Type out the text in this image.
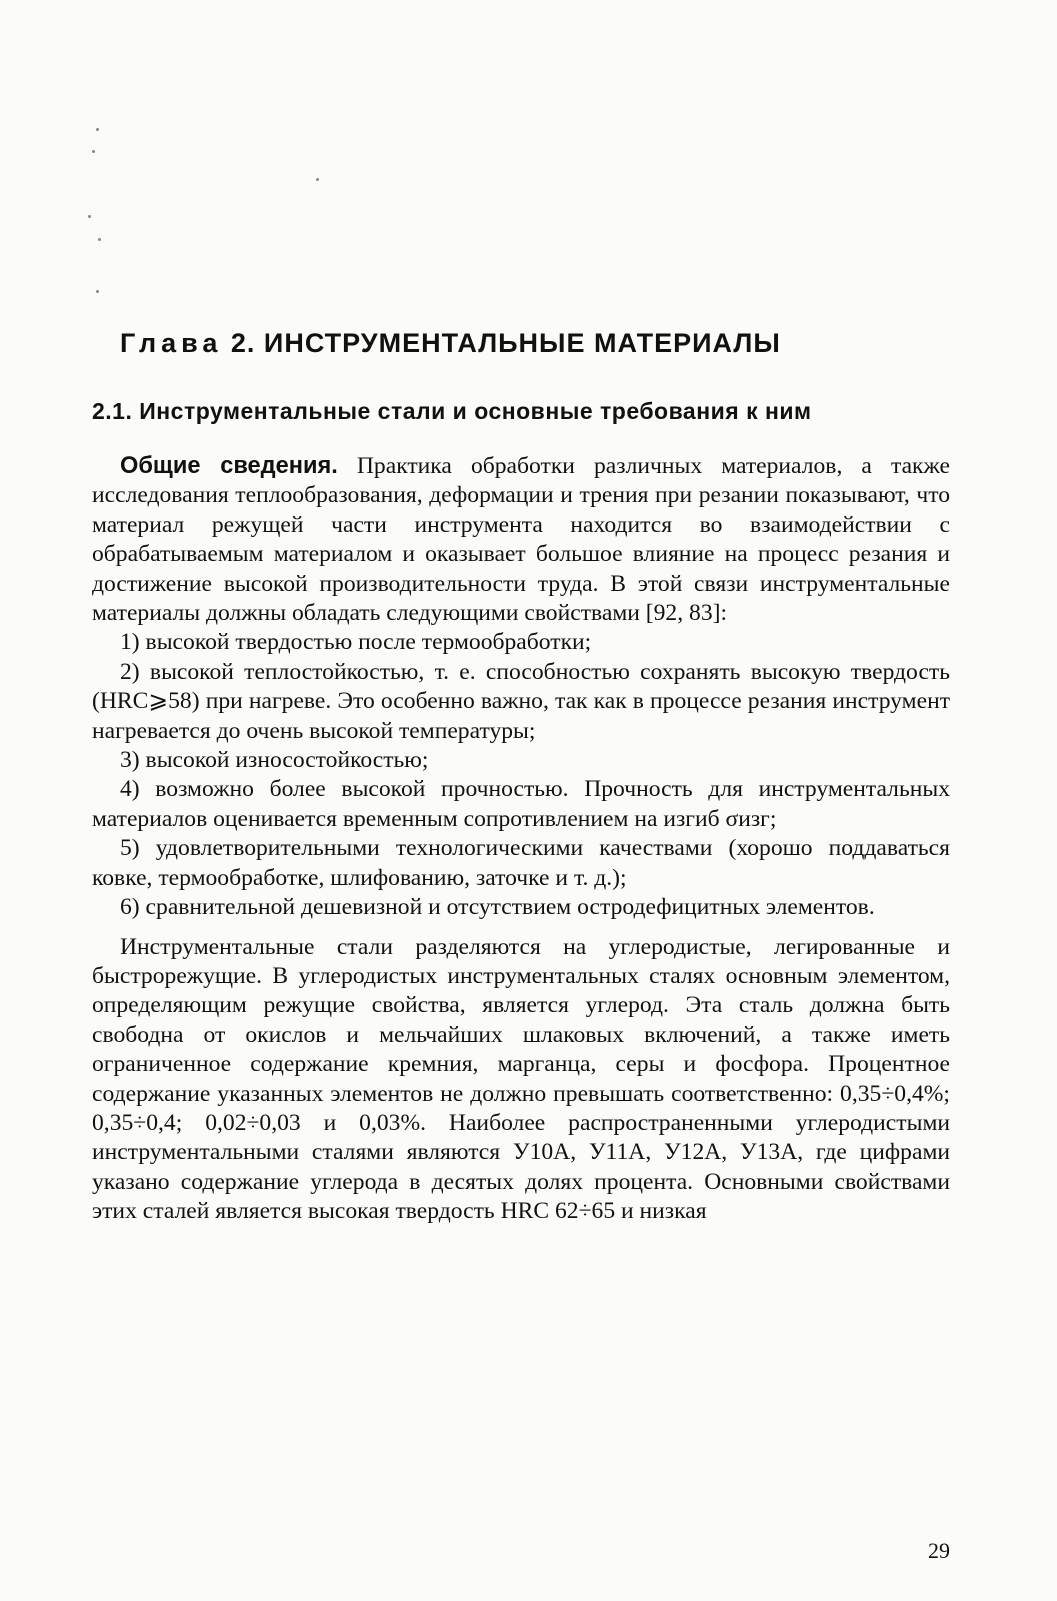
Глава 2. ИНСТРУМЕНТАЛЬНЫЕ МАТЕРИАЛЫ
2.1. Инструментальные стали и основные требования к ним

Общие сведения. Практика обработки различных материалов, а также исследования теплообразования, деформации и трения при резании показывают, что материал режущей части инструмента находится во взаимодействии с обрабатываемым материалом и оказывает большое влияние на процесс резания и достижение высокой производительности труда. В этой связи инструментальные материалы должны обладать следующими свойствами [92, 83]:

1) высокой твердостью после термообработки;

2) высокой теплостойкостью, т. е. способностью сохранять высокую твердость (HRC⩾58) при нагреве. Это особенно важно, так как в процессе резания инструмент нагревается до очень высокой температуры;

3) высокой износостойкостью;

4) возможно более высокой прочностью. Прочность для инструментальных материалов оценивается временным сопротивлением на изгиб σизг;

5) удовлетворительными технологическими качествами (хорошо поддаваться ковке, термообработке, шлифованию, заточке и т. д.);

6) сравнительной дешевизной и отсутствием остродефицитных элементов.

Инструментальные стали разделяются на углеродистые, легированные и быстрорежущие. В углеродистых инструментальных сталях основным элементом, определяющим режущие свойства, является углерод. Эта сталь должна быть свободна от окислов и мельчайших шлаковых включений, а также иметь ограниченное содержание кремния, марганца, серы и фосфора. Процентное содержание указанных элементов не должно превышать соответственно: 0,35÷0,4%; 0,35÷0,4; 0,02÷0,03 и 0,03%. Наиболее распространенными углеродистыми инструментальными сталями являются У10А, У11А, У12А, У13А, где цифрами указано содержание углерода в десятых долях процента. Основными свойствами этих сталей является высокая твердость HRC 62÷65 и низкая

29
